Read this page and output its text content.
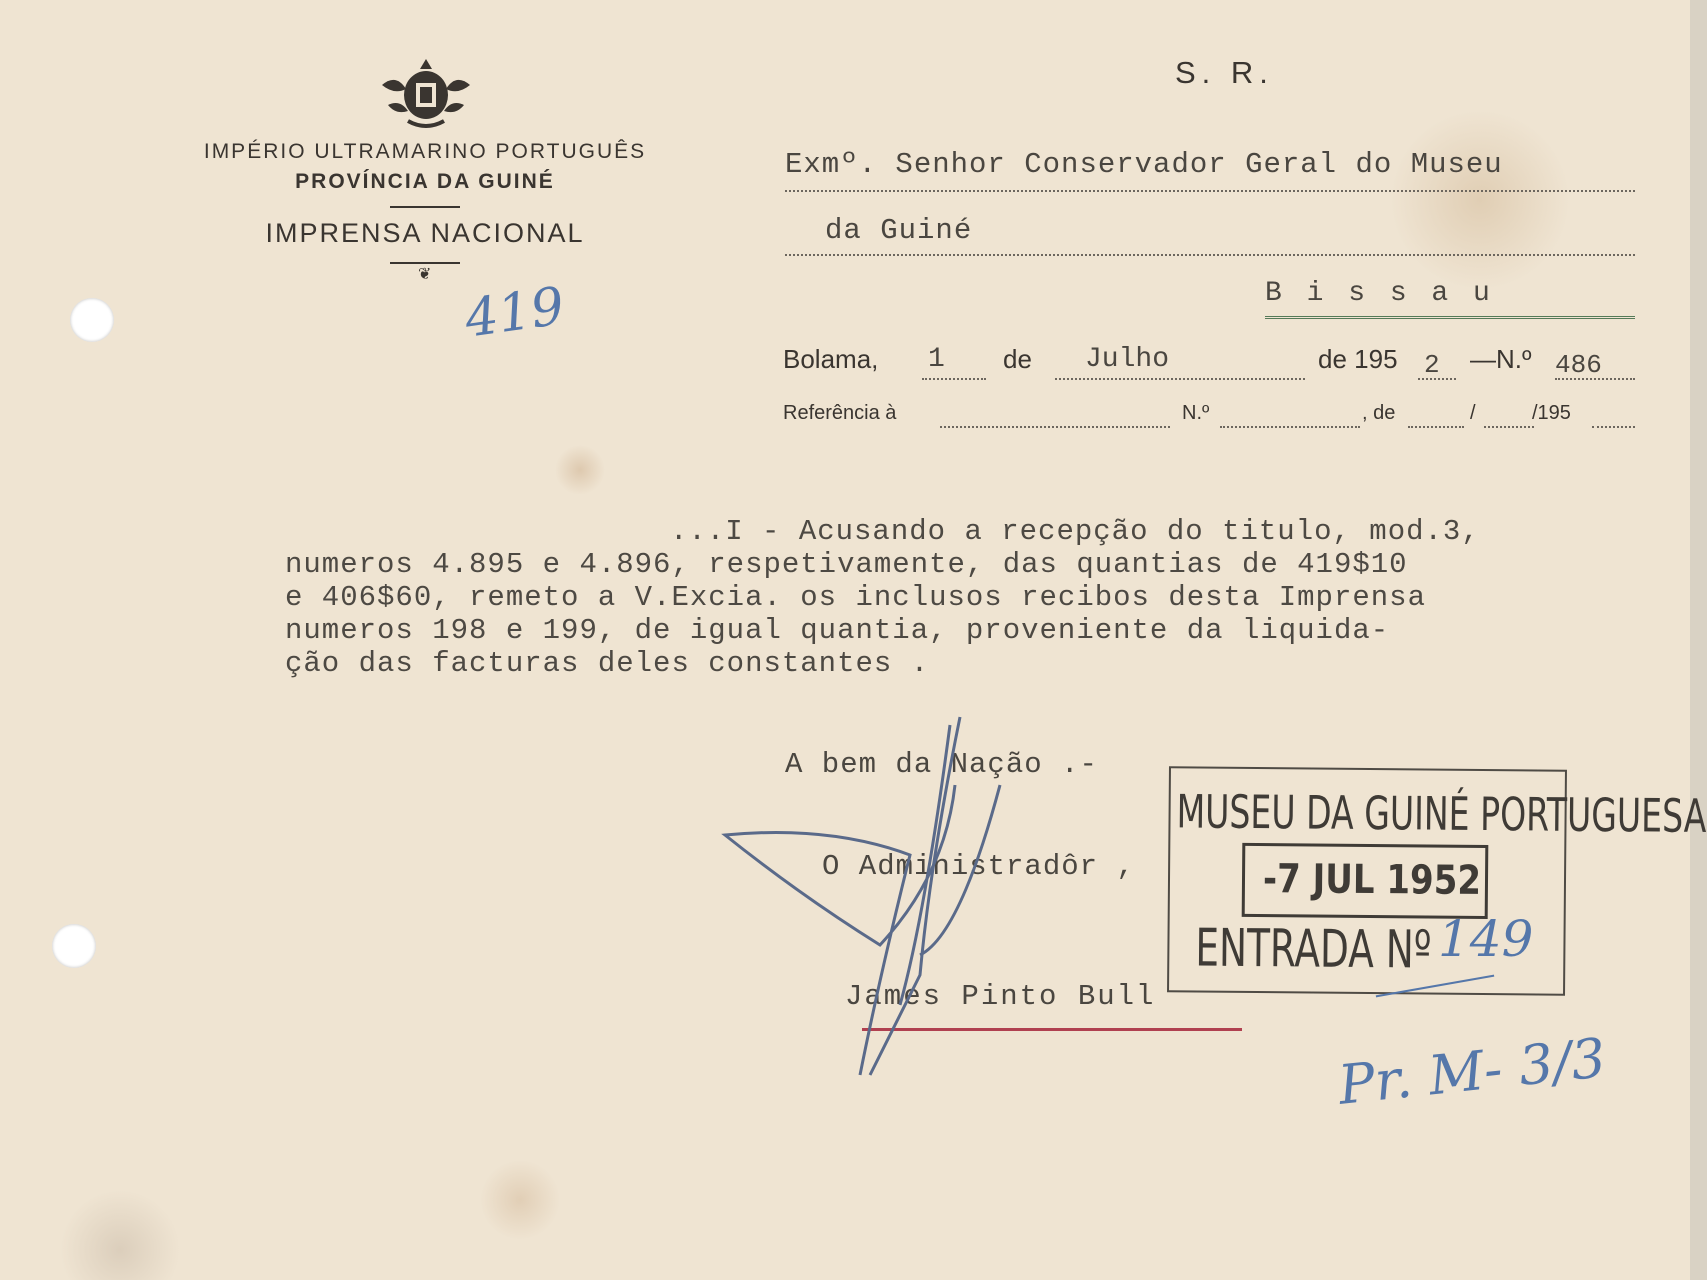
IMPÉRIO ULTRAMARINO PORTUGUÊS
PROVÍNCIA DA GUINÉ
IMPRENSA NACIONAL
❦
419
S. R.
Exmº. Senhor Conservador Geral do Museu
da Guiné
B i s s a u
Bolama, 1	de	Julho	de 195 2	—N.º 486
Referência à	N.º	, de	/	/195
...I - Acusando a recepção do titulo, mod.3,
numeros 4.895 e 4.896, respetivamente, das quantias de 419$10
e 406$60, remeto a V.Excia. os inclusos recibos desta Imprensa
numeros 198 e 199, de igual quantia, proveniente da liquida-
ção das facturas deles constantes .
A bem da Nação .-
O Administradôr ,
James Pinto Bull
MUSEU DA GUINÉ PORTUGUESA
-7 JUL 1952
ENTRADA Nº 149
Pr. M- 3/3
